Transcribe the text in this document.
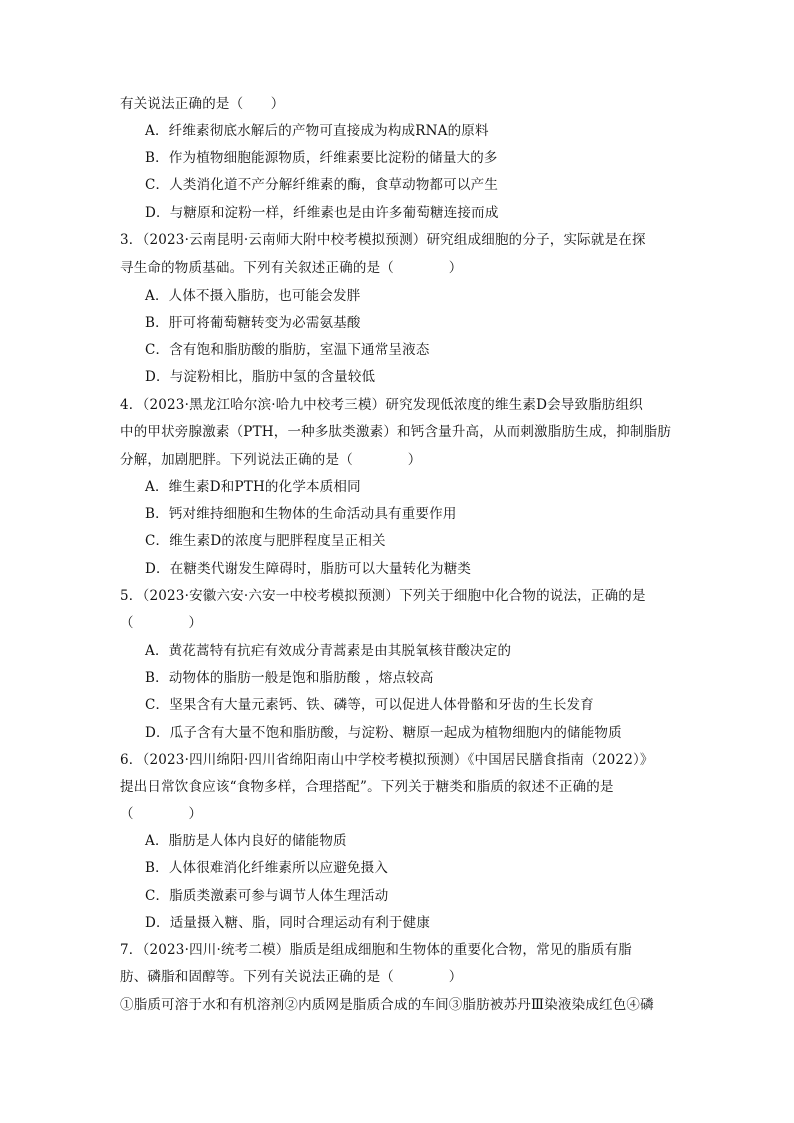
有关说法正确的是（　　）
A．纤维素彻底水解后的产物可直接成为构成RNA的原料
B．作为植物细胞能源物质，纤维素要比淀粉的储量大的多
C．人类消化道不产分解纤维素的酶，食草动物都可以产生
D．与糖原和淀粉一样，纤维素也是由许多葡萄糖连接而成
3．（2023·云南昆明·云南师大附中校考模拟预测）研究组成细胞的分子，实际就是在探
寻生命的物质基础。下列有关叙述正确的是（　　　　）
A．人体不摄入脂肪，也可能会发胖
B．肝可将葡萄糖转变为必需氨基酸
C．含有饱和脂肪酸的脂肪，室温下通常呈液态
D．与淀粉相比，脂肪中氢的含量较低
4．（2023·黑龙江哈尔滨·哈九中校考三模）研究发现低浓度的维生素D会导致脂肪组织
中的甲状旁腺激素（PTH，一种多肽类激素）和钙含量升高，从而刺激脂肪生成，抑制脂肪
分解，加剧肥胖。下列说法正确的是（　　　　）
A．维生素D和PTH的化学本质相同
B．钙对维持细胞和生物体的生命活动具有重要作用
C．维生素D的浓度与肥胖程度呈正相关
D．在糖类代谢发生障碍时，脂肪可以大量转化为糖类
5．（2023·安徽六安·六安一中校考模拟预测）下列关于细胞中化合物的说法，正确的是
（　　　　）
A．黄花蒿特有抗疟有效成分青蒿素是由其脱氧核苷酸决定的
B．动物体的脂肪一般是饱和脂肪酸 ，熔点较高
C．坚果含有大量元素钙、铁、磷等，可以促进人体骨骼和牙齿的生长发育
D．瓜子含有大量不饱和脂肪酸，与淀粉、糖原一起成为植物细胞内的储能物质
6．（2023·四川绵阳·四川省绵阳南山中学校考模拟预测）《中国居民膳食指南（2022）》
提出日常饮食应该“食物多样，合理搭配”。下列关于糖类和脂质的叙述不正确的是
（　　　　）
A．脂肪是人体内良好的储能物质
B．人体很难消化纤维素所以应避免摄入
C．脂质类激素可参与调节人体生理活动
D．适量摄入糖、脂，同时合理运动有利于健康
7．（2023·四川·统考二模）脂质是组成细胞和生物体的重要化合物，常见的脂质有脂
肪、磷脂和固醇等。下列有关说法正确的是（　　　　）
①脂质可溶于水和有机溶剂②内质网是脂质合成的车间③脂肪被苏丹Ⅲ染液染成红色④磷
